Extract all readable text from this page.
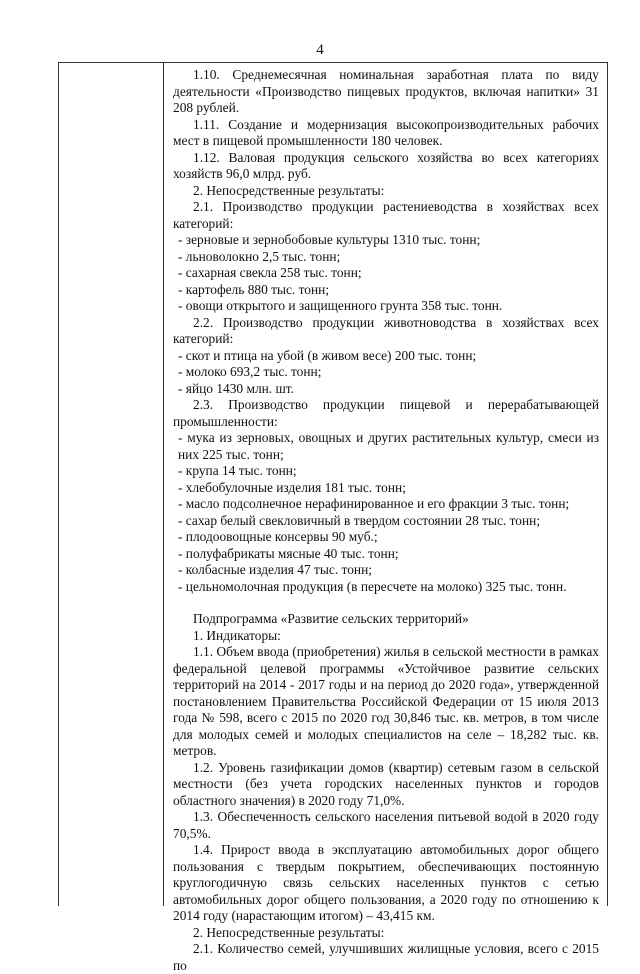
4

1.10. Среднемесячная номинальная заработная плата по виду деятельности «Производство пищевых продуктов, включая напитки» 31 208 рублей.

1.11. Создание и модернизация высокопроизводительных рабочих мест в пищевой промышленности 180 человек.

1.12. Валовая продукция сельского хозяйства во всех категориях хозяйств 96,0 млрд. руб.

2. Непосредственные результаты:

2.1. Производство продукции растениеводства в хозяйствах всех категорий:

- зерновые и зернобобовые культуры 1310 тыс. тонн;

- льноволокно 2,5 тыс. тонн;

- сахарная свекла 258 тыс. тонн;

- картофель 880 тыс. тонн;

- овощи открытого и защищенного грунта 358 тыс. тонн.

2.2. Производство продукции животноводства в хозяйствах всех категорий:

- скот и птица на убой (в живом весе) 200 тыс. тонн;

- молоко 693,2 тыс. тонн;

- яйцо 1430 млн. шт.

2.3. Производство продукции пищевой и перерабатывающей промышленности:

- мука из зерновых, овощных и других растительных культур, смеси из них 225 тыс. тонн;

- крупа 14 тыс. тонн;

- хлебобулочные изделия 181 тыс. тонн;

- масло подсолнечное нерафинированное и его фракции 3 тыс. тонн;

- сахар белый свекловичный в твердом состоянии 28 тыс. тонн;

- плодоовощные консервы 90 муб.;

- полуфабрикаты мясные 40 тыс. тонн;

- колбасные изделия 47 тыс. тонн;

- цельномолочная продукция (в пересчете на молоко) 325 тыс. тонн.

Подпрограмма «Развитие сельских территорий»

1. Индикаторы:

1.1. Объем ввода (приобретения) жилья в сельской местности в рамках федеральной целевой программы «Устойчивое развитие сельских территорий на 2014 - 2017 годы и на период до 2020 года», утвержденной постановлением Правительства Российской Федерации от 15 июля 2013 года № 598, всего с 2015 по 2020 год 30,846 тыс. кв. метров, в том числе для молодых семей и молодых специалистов на селе – 18,282 тыс. кв. метров.

1.2. Уровень газификации домов (квартир) сетевым газом в сельской местности (без учета городских населенных пунктов и городов областного значения) в 2020 году 71,0%.

1.3. Обеспеченность сельского населения питьевой водой в 2020 году 70,5%.

1.4. Прирост ввода в эксплуатацию автомобильных дорог общего пользования с твердым покрытием, обеспечивающих постоянную круглогодичную связь сельских населенных пунктов с сетью автомобильных дорог общего пользования, а 2020 году по отношению к 2014 году (нарастающим итогом) – 43,415 км.

2. Непосредственные результаты:

2.1. Количество семей, улучшивших жилищные условия, всего с 2015 по
